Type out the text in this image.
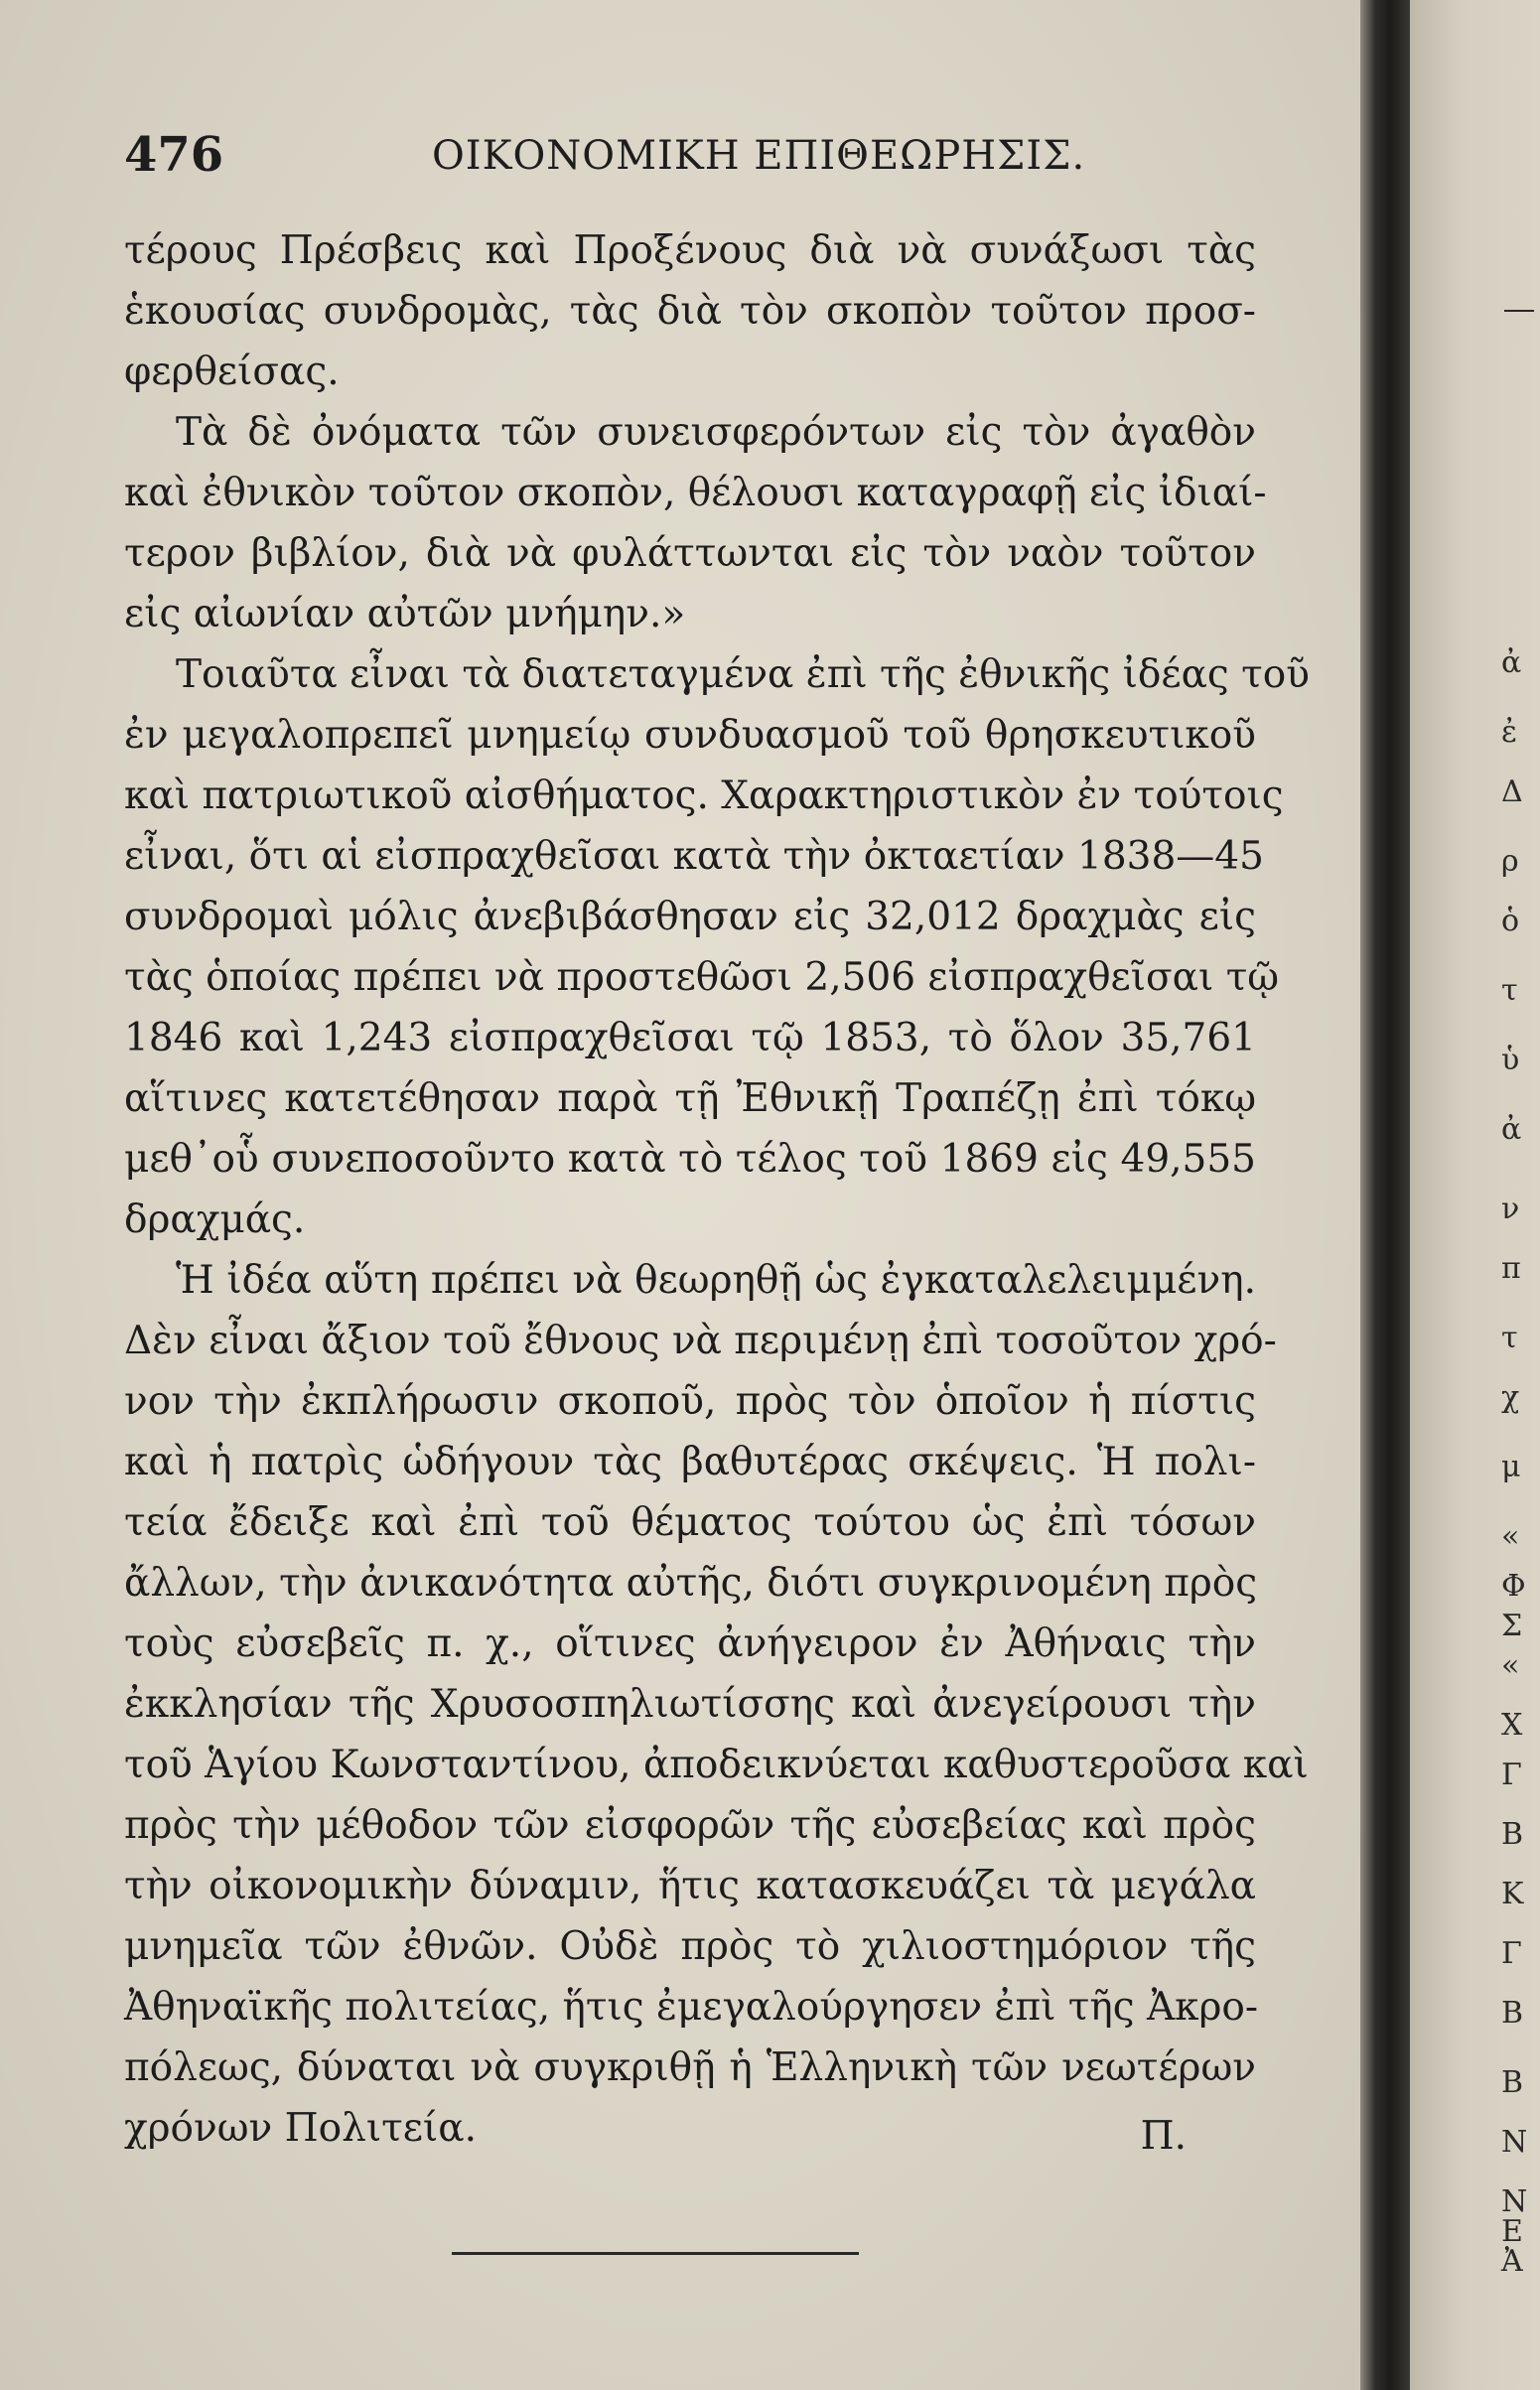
476	ΟΙΚΟΝΟΜΙΚΗ ΕΠΙΘΕΩΡΗΣΙΣ.
τέρους Πρέσβεις καὶ Προξένους διὰ νὰ συνάξωσι τὰς
ἑκουσίας συνδρομὰς, τὰς διὰ τὸν σκοπὸν τοῦτον προσ-
φερθείσας.
Τὰ δὲ ὀνόματα τῶν συνεισφερόντων εἰς τὸν ἀγαθὸν
καὶ ἐθνικὸν τοῦτον σκοπὸν, θέλουσι καταγραφῇ εἰς ἰδιαί-
τερον βιβλίον, διὰ νὰ φυλάττωνται εἰς τὸν ναὸν τοῦτον
εἰς αἰωνίαν αὐτῶν μνήμην.»
Τοιαῦτα εἶναι τὰ διατεταγμένα ἐπὶ τῆς ἐθνικῆς ἰδέας τοῦ
ἐν μεγαλοπρεπεῖ μνημείῳ συνδυασμοῦ τοῦ θρησκευτικοῦ
καὶ πατριωτικοῦ αἰσθήματος. Χαρακτηριστικὸν ἐν τούτοις
εἶναι, ὅτι αἱ εἰσπραχθεῖσαι κατὰ τὴν ὀκταετίαν 1838—45
συνδρομαὶ μόλις ἀνεβιβάσθησαν εἰς 32,012 δραχμὰς εἰς
τὰς ὁποίας πρέπει νὰ προστεθῶσι 2,506 εἰσπραχθεῖσαι τῷ
1846 καὶ 1,243 εἰσπραχθεῖσαι τῷ 1853, τὸ ὅλον 35,761
αἵτινες κατετέθησαν παρὰ τῇ Ἐθνικῇ Τραπέζῃ ἐπὶ τόκῳ
μεθ᾽οὗ συνεποσοῦντο κατὰ τὸ τέλος τοῦ 1869 εἰς 49,555
δραχμάς.
Ἡ ἰδέα αὕτη πρέπει νὰ θεωρηθῇ ὡς ἐγκαταλελειμμένη.
Δὲν εἶναι ἄξιον τοῦ ἔθνους νὰ περιμένῃ ἐπὶ τοσοῦτον χρό-
νον τὴν ἐκπλήρωσιν σκοποῦ, πρὸς τὸν ὁποῖον ἡ πίστις
καὶ ἡ πατρὶς ὡδήγουν τὰς βαθυτέρας σκέψεις. Ἡ πολι-
τεία ἔδειξε καὶ ἐπὶ τοῦ θέματος τούτου ὡς ἐπὶ τόσων
ἄλλων, τὴν ἀνικανότητα αὐτῆς, διότι συγκρινομένη πρὸς
τοὺς εὐσεβεῖς π. χ., οἵτινες ἀνήγειρον ἐν Ἀθήναις τὴν
ἐκκλησίαν τῆς Χρυσοσπηλιωτίσσης καὶ ἀνεγείρουσι τὴν
τοῦ Ἁγίου Κωνσταντίνου, ἀποδεικνύεται καθυστεροῦσα καὶ
πρὸς τὴν μέθοδον τῶν εἰσφορῶν τῆς εὐσεβείας καὶ πρὸς
τὴν οἰκονομικὴν δύναμιν, ἥτις κατασκευάζει τὰ μεγάλα
μνημεῖα τῶν ἐθνῶν. Οὐδὲ πρὸς τὸ χιλιοστημόριον τῆς
Ἀθηναϊκῆς πολιτείας, ἥτις ἐμεγαλούργησεν ἐπὶ τῆς Ἀκρο-
πόλεως, δύναται νὰ συγκριθῇ ἡ Ἑλληνικὴ τῶν νεωτέρων
χρόνων Πολιτεία.	Π.
ἀ
ἐ
Δ
ρ
ὁ
τ
ὑ
ἀ
ν
π
τ
χ
μ
«
Φ
Σ
«
Χ
Γ
Β
Κ
Γ
Β
Β
Ν
Ν
Ε
Ἀ
